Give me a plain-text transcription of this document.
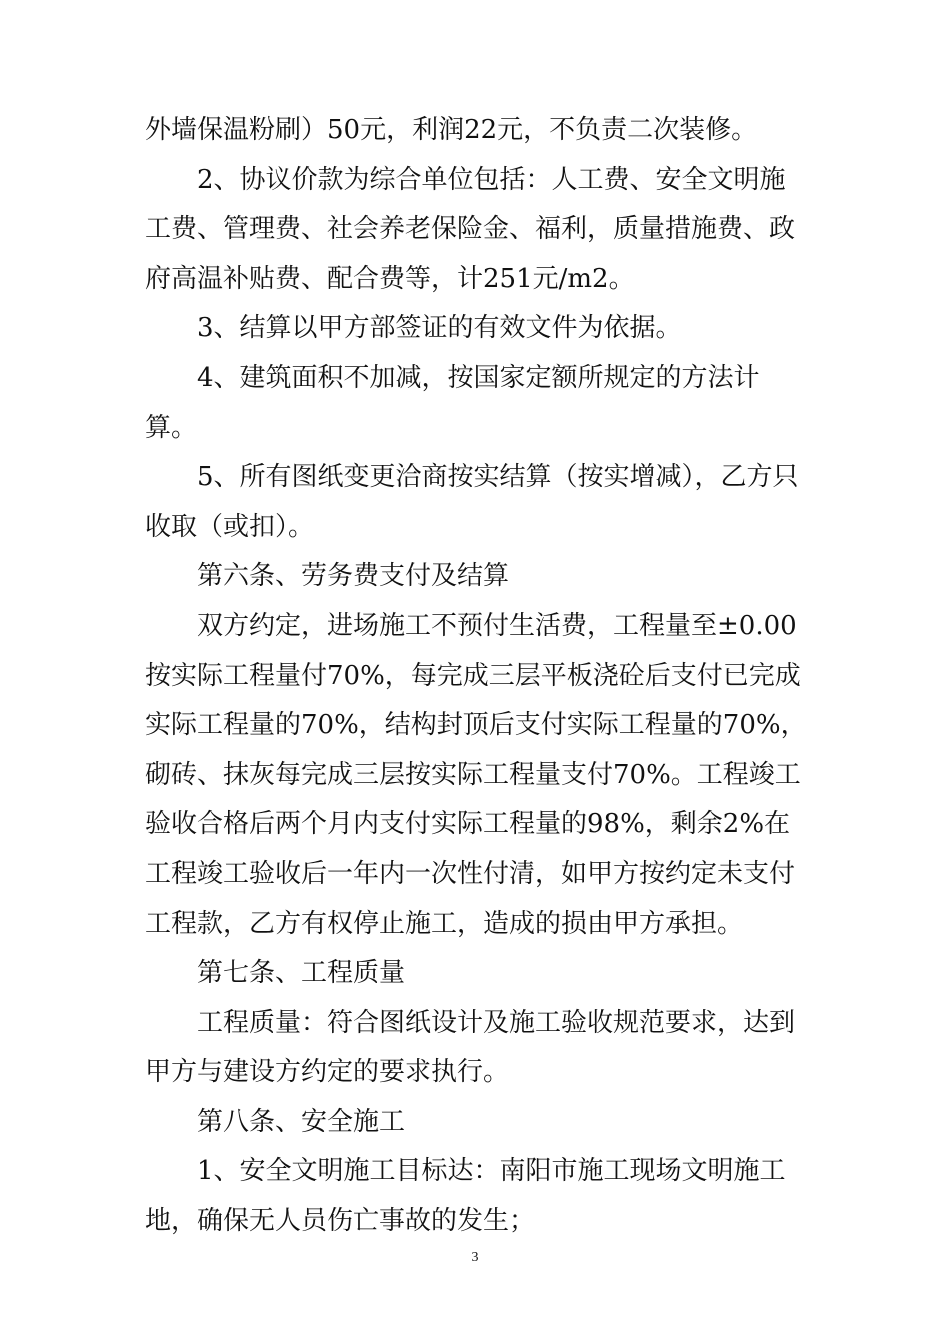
外墙保温粉刷）50元，利润22元，不负责二次装修。

2、协议价款为综合单位包括：人工费、安全文明施工费、管理费、社会养老保险金、福利，质量措施费、政府高温补贴费、配合费等，计251元/m2。

3、结算以甲方部签证的有效文件为依据。

4、建筑面积不加减，按国家定额所规定的方法计算。

5、所有图纸变更洽商按实结算（按实增减），乙方只收取（或扣）。

第六条、劳务费支付及结算

双方约定，进场施工不预付生活费，工程量至±0.00按实际工程量付70%，每完成三层平板浇砼后支付已完成实际工程量的70%，结构封顶后支付实际工程量的70%，砌砖、抹灰每完成三层按实际工程量支付70%。工程竣工验收合格后两个月内支付实际工程量的98%，剩余2%在工程竣工验收后一年内一次性付清，如甲方按约定未支付工程款，乙方有权停止施工，造成的损由甲方承担。

第七条、工程质量

工程质量：符合图纸设计及施工验收规范要求，达到甲方与建设方约定的要求执行。

第八条、安全施工

1、安全文明施工目标达：南阳市施工现场文明施工地，确保无人员伤亡事故的发生；

3
